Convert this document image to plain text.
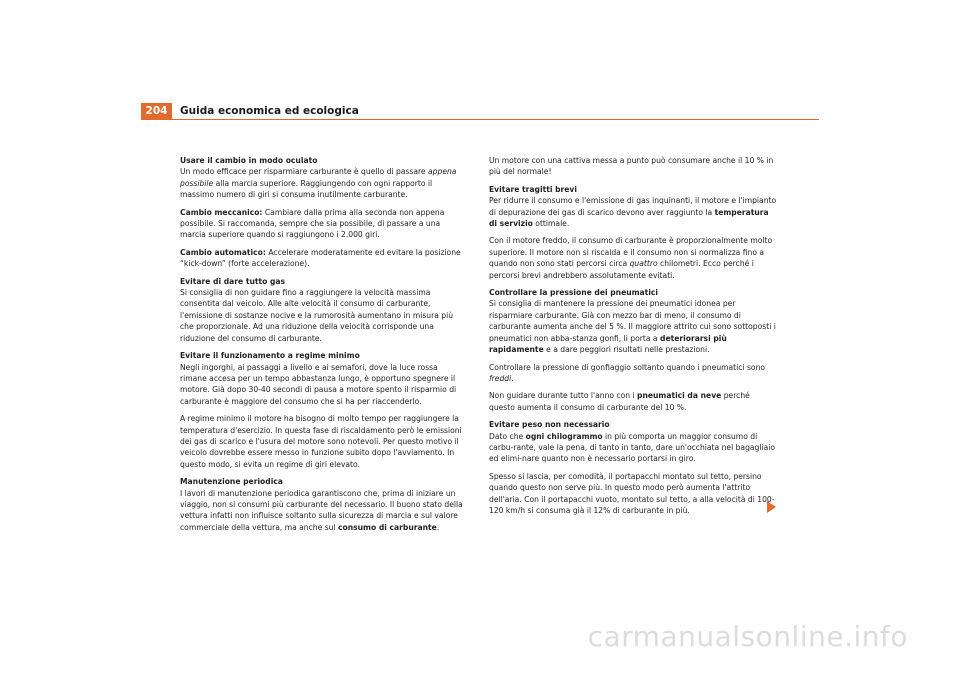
204	Guida economica ed ecologica

Usare il cambio in modo oculato

Un modo efficace per risparmiare carburante è quello di passare appena possibile alla marcia superiore. Raggiungendo con ogni rapporto il massimo numero di giri si consuma inutilmente carburante.

Cambio meccanico: Cambiare dalla prima alla seconda non appena possibile. Si raccomanda, sempre che sia possibile, di passare a una marcia superiore quando si raggiungono i 2.000 giri.

Cambio automatico: Accelerare moderatamente ed evitare la posizione “kick-down” (forte accelerazione).

Evitare di dare tutto gas

Si consiglia di non guidare fino a raggiungere la velocità massima consentita dal veicolo. Alle alte velocità il consumo di carburante, l'emissione di sostanze nocive e la rumorosità aumentano in misura più che proporzionale. Ad una riduzione della velocità corrisponde una riduzione del consumo di carburante.

Evitare il funzionamento a regime minimo

Negli ingorghi, ai passaggi a livello e ai semafori, dove la luce rossa rimane accesa per un tempo abbastanza lungo, è opportuno spegnere il motore. Già dopo 30-40 secondi di pausa a motore spento il risparmio di carburante è maggiore del consumo che si ha per riaccenderlo.

A regime minimo il motore ha bisogno di molto tempo per raggiungere la temperatura d'esercizio. In questa fase di riscaldamento però le emissioni dei gas di scarico e l'usura del motore sono notevoli. Per questo motivo il veicolo dovrebbe essere messo in funzione subito dopo l'avviamento. In questo modo, si evita un regime di giri elevato.

Manutenzione periodica

I lavori di manutenzione periodica garantiscono che, prima di iniziare un viaggio, non si consumi più carburante del necessario. Il buono stato della vettura infatti non influisce soltanto sulla sicurezza di marcia e sul valore commerciale della vettura, ma anche sul consumo di carburante.

Un motore con una cattiva messa a punto può consumare anche il 10 % in più del normale!

Evitare tragitti brevi

Per ridurre il consumo e l'emissione di gas inquinanti, il motore e l'impianto di depurazione dei gas di scarico devono aver raggiunto la temperatura di servizio ottimale.

Con il motore freddo, il consumo di carburante è proporzionalmente molto superiore. Il motore non si riscalda e il consumo non si normalizza fino a quando non sono stati percorsi circa quattro chilometri. Ecco perché i percorsi brevi andrebbero assolutamente evitati.

Controllare la pressione dei pneumatici

Si consiglia di mantenere la pressione dei pneumatici idonea per risparmiare carburante. Già con mezzo bar di meno, il consumo di carburante aumenta anche del 5 %. Il maggiore attrito cui sono sottoposti i pneumatici non abba-stanza gonfi, li porta a deteriorarsi più rapidamente e a dare peggiori risultati nelle prestazioni.

Controllare la pressione di gonfiaggio soltanto quando i pneumatici sono freddi.

Non guidare durante tutto l'anno con i pneumatici da neve perché questo aumenta il consumo di carburante del 10 %.

Evitare peso non necessario

Dato che ogni chilogrammo in più comporta un maggior consumo di carbu-rante, vale la pena, di tanto in tanto, dare un'occhiata nel bagagliaio ed elimi-nare quanto non è necessario portarsi in giro.

Spesso si lascia, per comodità, il portapacchi montato sul tetto, persino quando questo non serve più. In questo modo però aumenta l'attrito dell'aria. Con il portapacchi vuoto, montato sul tetto, a alla velocità di 100-120 km/h si consuma già il 12% di carburante in più.

carmanualsonline.info
